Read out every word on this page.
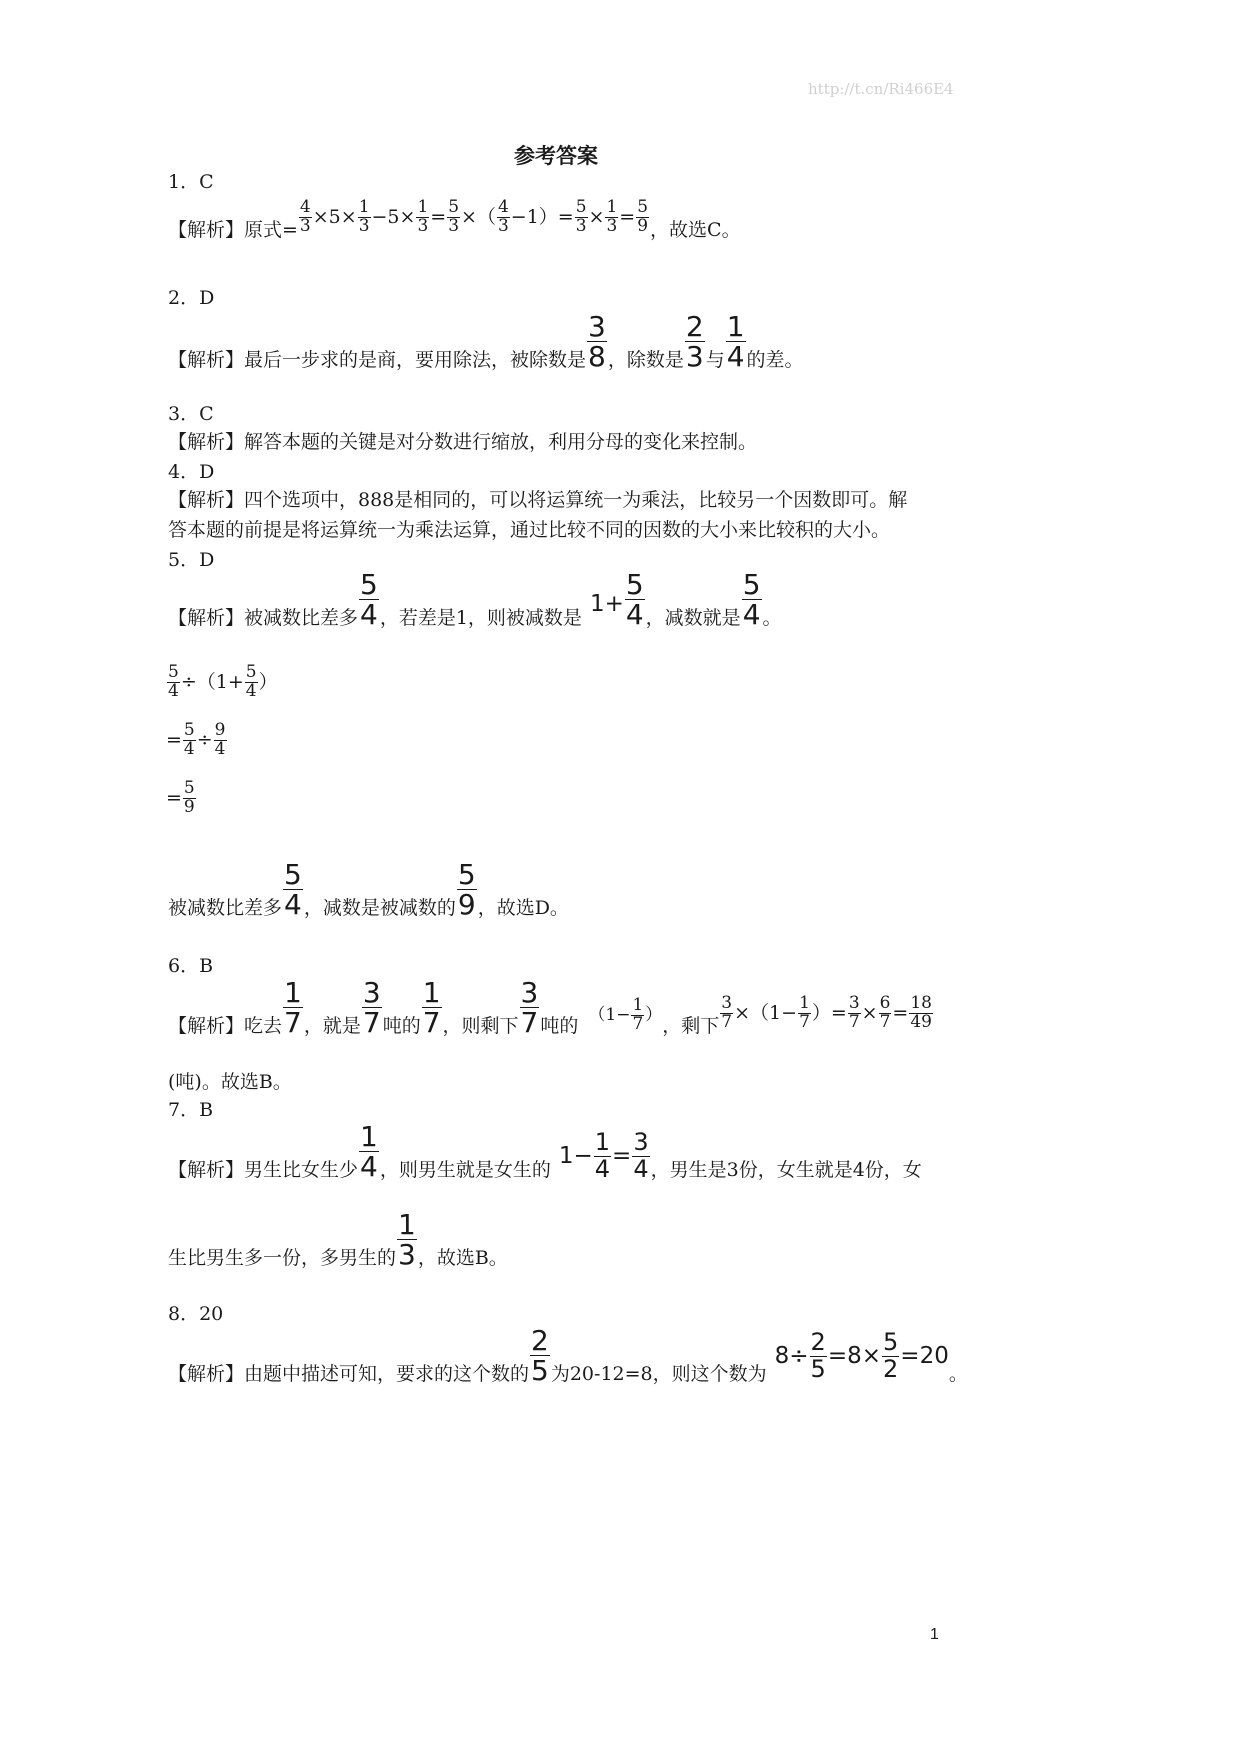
http://t.cn/Ri466E4
参考答案
1．C
【解析】原式= $\frac{4}{3} \times 5\times \frac{1}{3} -5\times \frac{1}{3} = \frac{5}{3}$ ×（ $\frac{4}{3} -1)= \frac{5}{3} \times \frac{1}{3} = \frac{5}{9}$ ，故选C。
2．D
【解析】最后一步求的是商，要用除法，被除数是 $\frac{3}{8}$ ，除数是 $\frac{2}{3}$ 与 $\frac{1}{4}$ 的差。
3．C
【解析】解答本题的关键是对分数进行缩放，利用分母的变化来控制。
4．D
【解析】四个选项中，888是相同的，可以将运算统一为乘法，比较另一个因数即可。解
答本题的前提是将运算统一为乘法运算，通过比较不同的因数的大小来比较积的大小。
5．D
【解析】被减数比差多 $\frac{5}{4}$ ，若差是1，则被减数是
$1+ \frac{5}{4}$ ，减数就是 $\frac{5}{4}$ 。
$\frac{5}{4} \div(1+ \frac{5}{4}$ ）
= $\frac{5}{4} \div \frac{9}{4}$
= $\frac{5}{9}$
被减数比差多 $\frac{5}{4}$ ，减数是被减数的 $\frac{5}{9}$ ，故选D。
6．B
【解析】吃去 $\frac{1}{7}$ ，就是 $\frac{3}{7}$ 吨的 $\frac{1}{7}$ ，则剩下 $\frac{3}{7}$ 吨的 （$1- \frac{1}{7}$ ） ，剩下 $\frac{3}{7} \times(1- \frac{1}{7}$ ）= $\frac{3}{7} \times \frac{6}{7} = \frac{18}{49}$
(吨)。故选B。
7．B
【解析】男生比女生少 $\frac{1}{4}$ ，则男生就是女生的
$1- \frac{1}{4} = \frac{3}{4}$ ，男生是3份，女生就是4份，女
生比男生多一份，多男生的 $\frac{1}{3}$ ，故选B。
8．20
【解析】由题中描述可知，要求的这个数的 $\frac{2}{5}$ 为20-12=8，则这个数为
$8\div \frac{2}{5} =8\times \frac{5}{2} =20$
。
1
